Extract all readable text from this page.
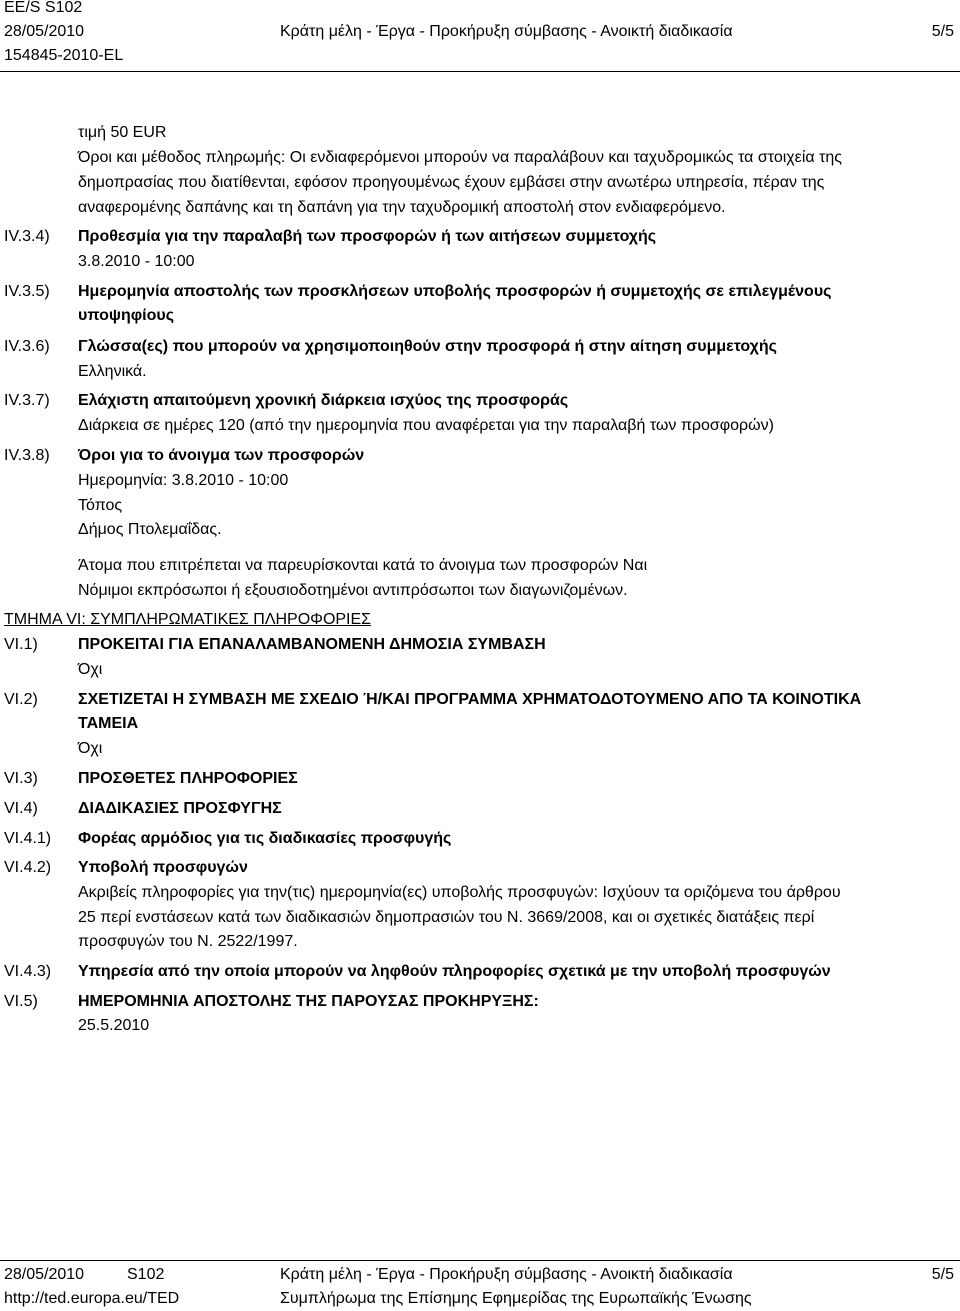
EE/S S102
28/05/2010	Κράτη μέλη - Έργα - Προκήρυξη σύμβασης - Ανοικτή διαδικασία	5/5
154845-2010-EL
τιμή 50 EUR
Όροι και μέθοδος πληρωμής: Οι ενδιαφερόμενοι μπορούν να παραλάβουν και ταχυδρομικώς τα στοιχεία της
δημοπρασίας που διατίθενται, εφόσον προηγουμένως έχουν εμβάσει στην ανωτέρω υπηρεσία, πέραν της
αναφερομένης δαπάνης και τη δαπάνη για την ταχυδρομική αποστολή στον ενδιαφερόμενο.
IV.3.4) Προθεσμία για την παραλαβή των προσφορών ή των αιτήσεων συμμετοχής
3.8.2010 - 10:00
IV.3.5) Ημερομηνία αποστολής των προσκλήσεων υποβολής προσφορών ή συμμετοχής σε επιλεγμένους
υποψηφίους
IV.3.6) Γλώσσα(ες) που μπορούν να χρησιμοποιηθούν στην προσφορά ή στην αίτηση συμμετοχής
Ελληνικά.
IV.3.7) Ελάχιστη απαιτούμενη χρονική διάρκεια ισχύος της προσφοράς
Διάρκεια σε ημέρες 120 (από την ημερομηνία που αναφέρεται για την παραλαβή των προσφορών)
IV.3.8) Όροι για το άνοιγμα των προσφορών
Ημερομηνία: 3.8.2010 - 10:00
Τόπος
Δήμος Πτολεμαΐδας.
Άτομα που επιτρέπεται να παρευρίσκονται κατά το άνοιγμα των προσφορών Ναι
Νόμιμοι εκπρόσωποι ή εξουσιοδοτημένοι αντιπρόσωποι των διαγωνιζομένων.
ΤΜΗΜΑ VI: ΣΥΜΠΛΗΡΩΜΑΤΙΚΕΣ ΠΛΗΡΟΦΟΡΙΕΣ
VI.1)	ΠΡΟΚΕΙΤΑΙ ΓΙΑ ΕΠΑΝΑΛΑΜΒΑΝΟΜΕΝΗ ΔΗΜΟΣΙΑ ΣΥΜΒΑΣΗ
Όχι
VI.2)	ΣΧΕΤΙΖΕΤΑΙ Η ΣΥΜΒΑΣΗ ΜΕ ΣΧΕΔΙΟ Ή/ΚΑΙ ΠΡΟΓΡΑΜΜΑ ΧΡΗΜΑΤΟΔΟΤΟΥΜΕΝΟ ΑΠΟ ΤΑ ΚΟΙΝΟΤΙΚΑ
ΤΑΜΕΙΑ
Όχι
VI.3)	ΠΡΟΣΘΕΤΕΣ ΠΛΗΡΟΦΟΡΙΕΣ
VI.4)	ΔΙΑΔΙΚΑΣΙΕΣ ΠΡΟΣΦΥΓΗΣ
VI.4.1) Φορέας αρμόδιος για τις διαδικασίες προσφυγής
VI.4.2) Υποβολή προσφυγών
Ακριβείς πληροφορίες για την(τις) ημερομηνία(ες) υποβολής προσφυγών: Ισχύουν τα οριζόμενα του άρθρου
25 περί ενστάσεων κατά των διαδικασιών δημοπρασιών του Ν. 3669/2008, και οι σχετικές διατάξεις περί
προσφυγών του Ν. 2522/1997.
VI.4.3) Υπηρεσία από την οποία μπορούν να ληφθούν πληροφορίες σχετικά με την υποβολή προσφυγών
VI.5)	ΗΜΕΡΟΜΗΝΙΑ ΑΠΟΣΤΟΛΗΣ ΤΗΣ ΠΑΡΟΥΣΑΣ ΠΡΟΚΗΡΥΞΗΣ:
25.5.2010
28/05/2010	S102	Κράτη μέλη - Έργα - Προκήρυξη σύμβασης - Ανοικτή διαδικασία	5/5
http://ted.europa.eu/TED	Συμπλήρωμα της Επίσημης Εφημερίδας της Ευρωπαϊκής Ένωσης
